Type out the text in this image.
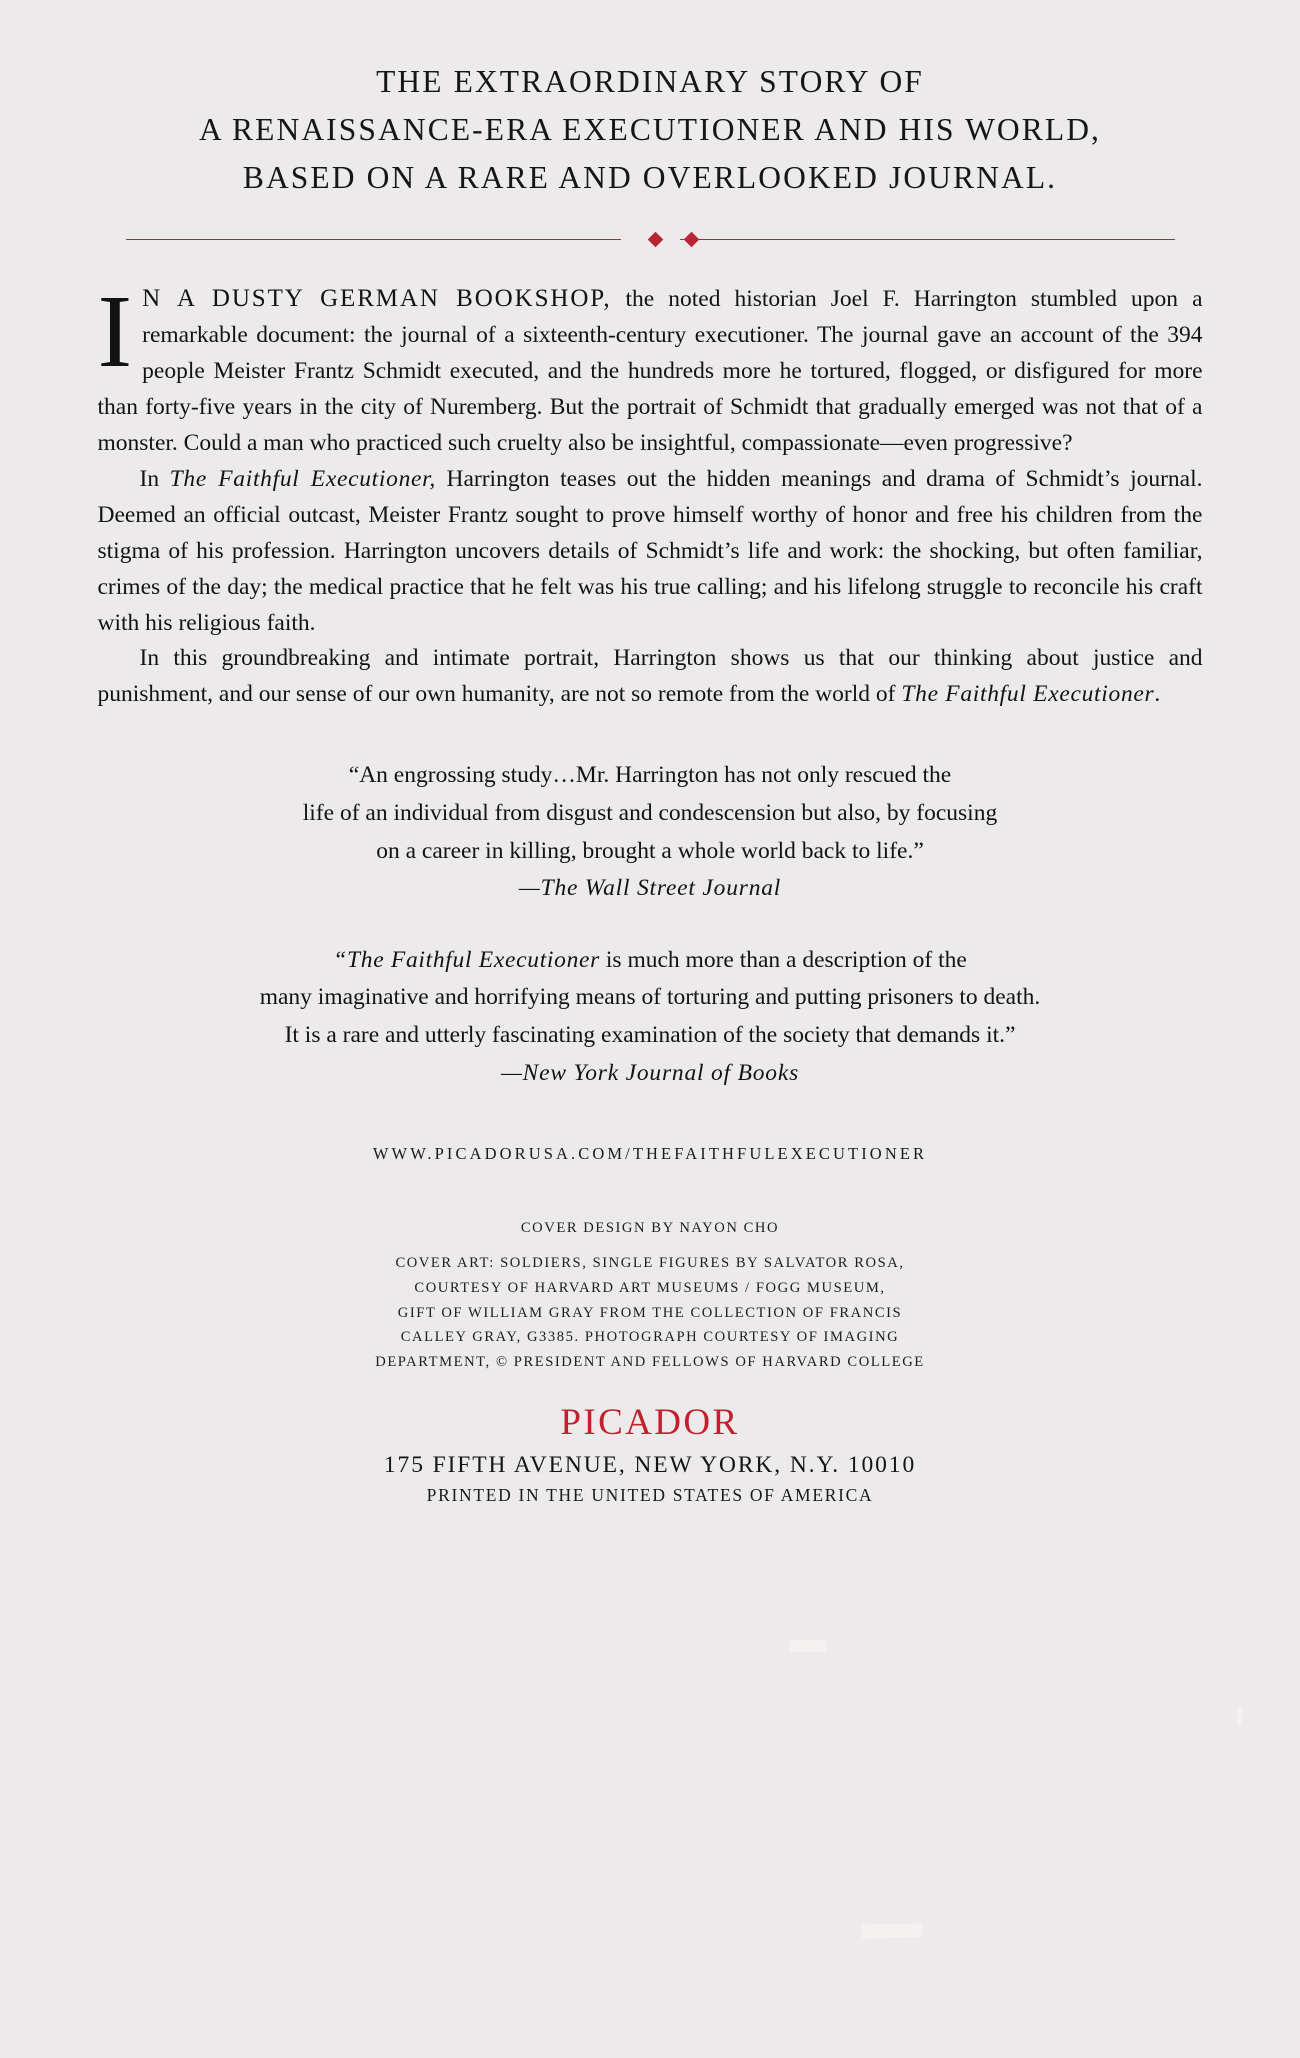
THE EXTRAORDINARY STORY OF
A RENAISSANCE-ERA EXECUTIONER AND HIS WORLD,
BASED ON A RARE AND OVERLOOKED JOURNAL.

I N A DUSTY GERMAN BOOKSHOP, the noted historian Joel F. Harrington stumbled upon a remarkable document: the journal of a sixteenth-century executioner. The journal gave an account of the 394 people Meister Frantz Schmidt executed, and the hundreds more he tortured, flogged, or disfigured for more than forty-five years in the city of Nuremberg. But the portrait of Schmidt that gradually emerged was not that of a monster. Could a man who practiced such cruelty also be insightful, compassionate—even progressive?

In The Faithful Executioner, Harrington teases out the hidden meanings and drama of Schmidt’s journal. Deemed an official outcast, Meister Frantz sought to prove himself worthy of honor and free his children from the stigma of his profession. Harrington uncovers details of Schmidt’s life and work: the shocking, but often familiar, crimes of the day; the medical practice that he felt was his true calling; and his lifelong struggle to reconcile his craft with his religious faith.

In this groundbreaking and intimate portrait, Harrington shows us that our thinking about justice and punishment, and our sense of our own humanity, are not so remote from the world of The Faithful Executioner.

“An engrossing study…Mr. Harrington has not only rescued the
life of an individual from disgust and condescension but also, by focusing
on a career in killing, brought a whole world back to life.”
—The Wall Street Journal
“The Faithful Executioner is much more than a description of the
many imaginative and horrifying means of torturing and putting prisoners to death.
It is a rare and utterly fascinating examination of the society that demands it.”
—New York Journal of Books
WWW.PICADORUSA.COM/THEFAITHFULEXECUTIONER
COVER DESIGN BY NAYON CHO
COVER ART: SOLDIERS, SINGLE FIGURES BY SALVATOR ROSA,
COURTESY OF HARVARD ART MUSEUMS / FOGG MUSEUM,
GIFT OF WILLIAM GRAY FROM THE COLLECTION OF FRANCIS
CALLEY GRAY, G3385. PHOTOGRAPH COURTESY OF IMAGING
DEPARTMENT, © PRESIDENT AND FELLOWS OF HARVARD COLLEGE
PICADOR
175 FIFTH AVENUE, NEW YORK, N.Y. 10010
PRINTED IN THE UNITED STATES OF AMERICA
